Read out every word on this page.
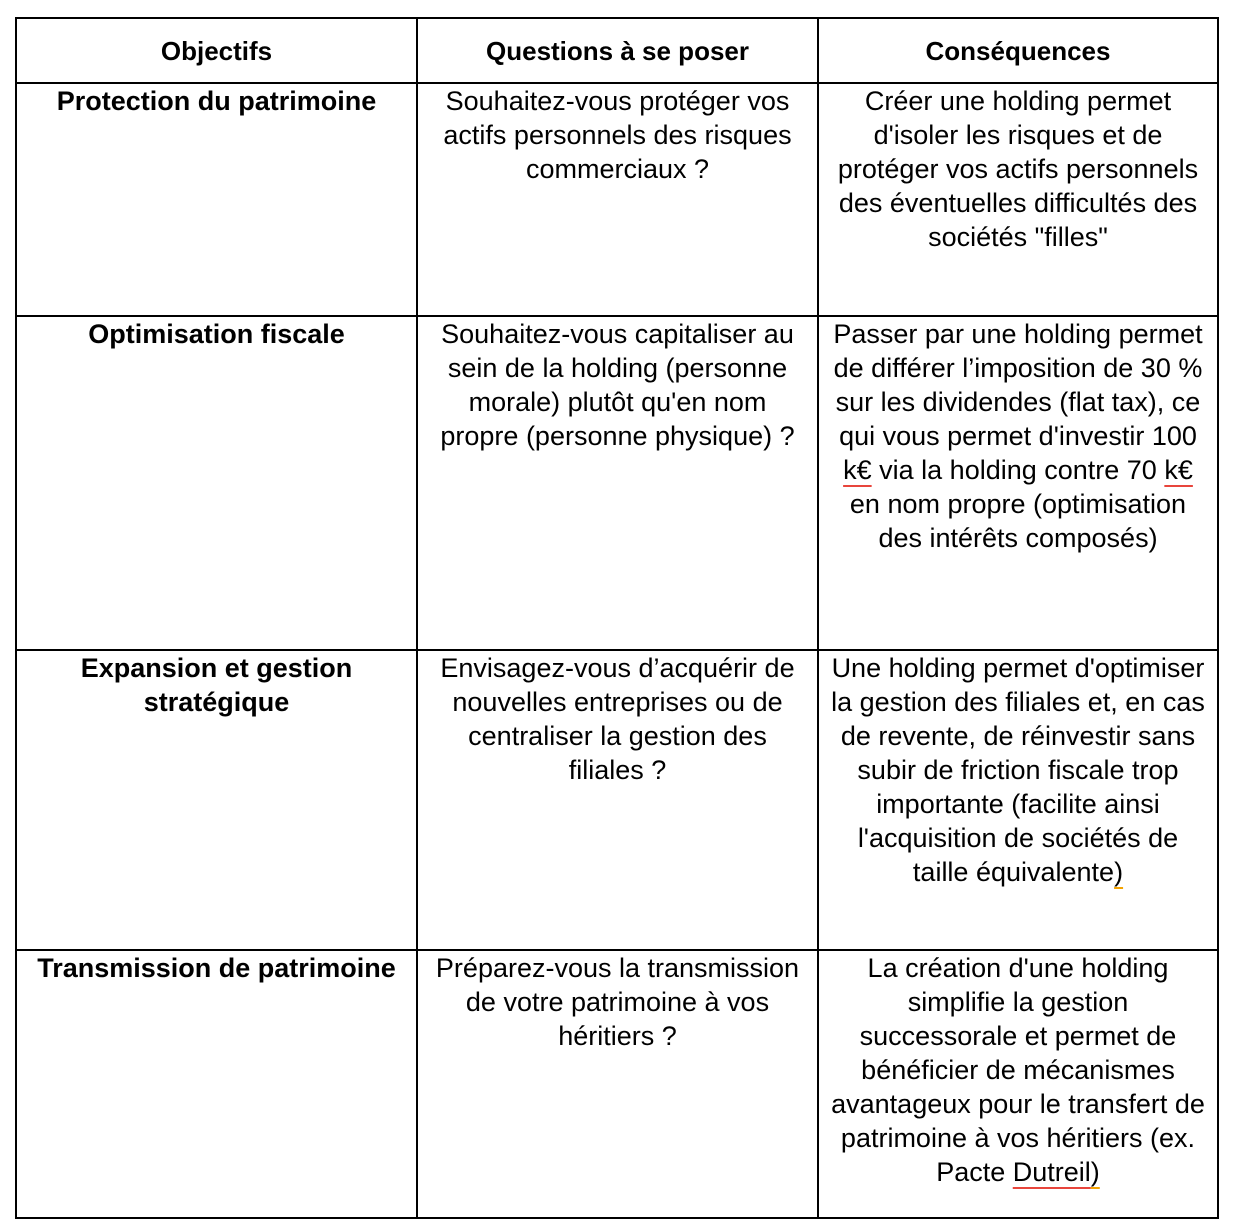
Objectifs	Questions à se poser	Conséquences
Protection du patrimoine	Souhaitez-vous protéger vos actifs personnels des risques commerciaux ?	Créer une holding permet d'isoler les risques et de protéger vos actifs personnels des éventuelles difficultés des sociétés "filles"
Optimisation fiscale	Souhaitez-vous capitaliser au sein de la holding (personne morale) plutôt qu'en nom propre (personne physique) ?	Passer par une holding permet de différer l’imposition de 30 % sur les dividendes (flat tax), ce qui vous permet d'investir 100 k€ via la holding contre 70 k€ en nom propre (optimisation des intérêts composés)
Expansion et gestion stratégique	Envisagez-vous d’acquérir de nouvelles entreprises ou de centraliser la gestion des filiales ?	Une holding permet d'optimiser la gestion des filiales et, en cas de revente, de réinvestir sans subir de friction fiscale trop importante (facilite ainsi l'acquisition de sociétés de taille équivalente)
Transmission de patrimoine	Préparez-vous la transmission de votre patrimoine à vos héritiers ?	La création d'une holding simplifie la gestion successorale et permet de bénéficier de mécanismes avantageux pour le transfert de patrimoine à vos héritiers (ex. Pacte Dutreil)
